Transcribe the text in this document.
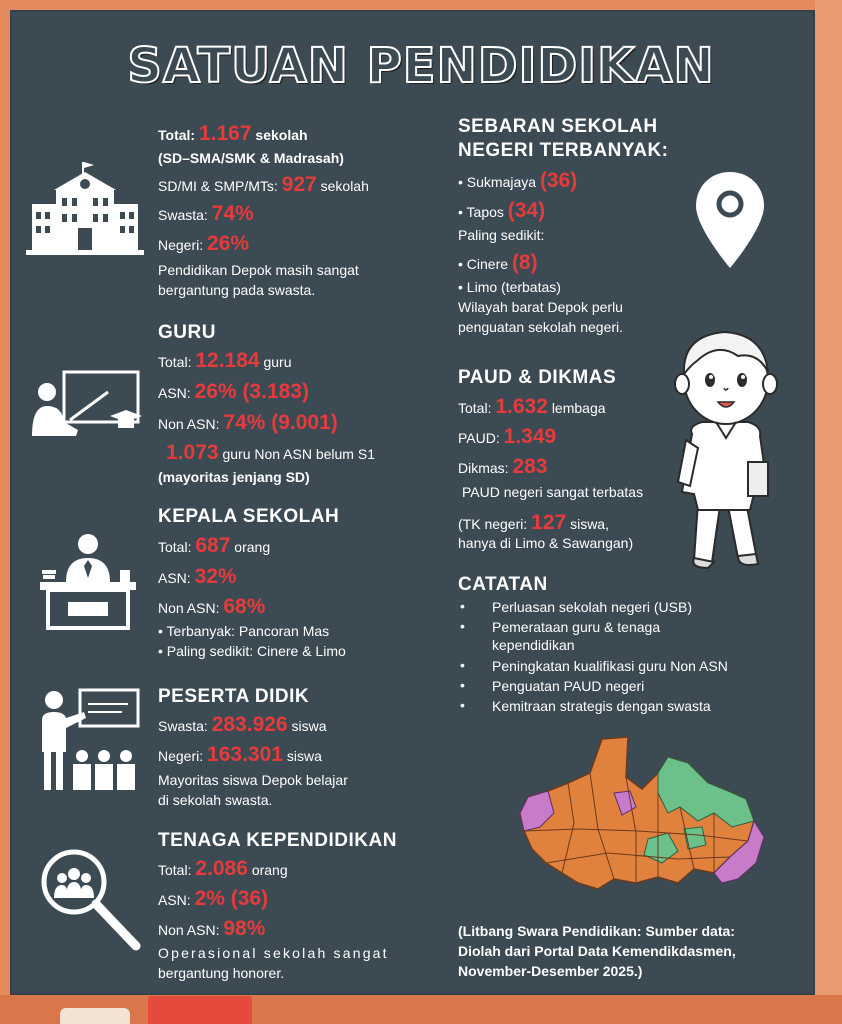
SATUAN PENDIDIKAN
Total: 1.167 sekolah
(SD–SMA/SMK & Madrasah)
SD/MI & SMP/MTs: 927 sekolah
Swasta: 74%
Negeri: 26%
Pendidikan Depok masih sangat
bergantung pada swasta.
GURU
Total: 12.184 guru
ASN: 26% (3.183)
Non ASN: 74% (9.001)
1.073 guru Non ASN belum S1
(mayoritas jenjang SD)
KEPALA SEKOLAH
Total: 687 orang
ASN: 32%
Non ASN: 68%
• Terbanyak: Pancoran Mas
• Paling sedikit: Cinere & Limo
PESERTA DIDIK
Swasta: 283.926 siswa
Negeri: 163.301 siswa
Mayoritas siswa Depok belajar
di sekolah swasta.
TENAGA KEPENDIDIKAN
Total: 2.086 orang
ASN: 2% (36)
Non ASN: 98%
Operasional sekolah sangat
bergantung honorer.
SEBARAN SEKOLAH
NEGERI TERBANYAK:
• Sukmajaya (36)
• Tapos (34)
Paling sedikit:
• Cinere (8)
• Limo (terbatas)
Wilayah barat Depok perlu
penguatan sekolah negeri.
PAUD & DIKMAS
Total: 1.632 lembaga
PAUD: 1.349
Dikmas: 283
PAUD negeri sangat terbatas
(TK negeri: 127 siswa,
hanya di Limo & Sawangan)
CATATAN
• Perluasan sekolah negeri (USB)
• Pemerataan guru & tenaga
kependidikan
• Peningkatan kualifikasi guru Non ASN
• Penguatan PAUD negeri
• Kemitraan strategis dengan swasta
(Litbang Swara Pendidikan: Sumber data:
Diolah dari Portal Data Kemendikdasmen,
November-Desember 2025.)
